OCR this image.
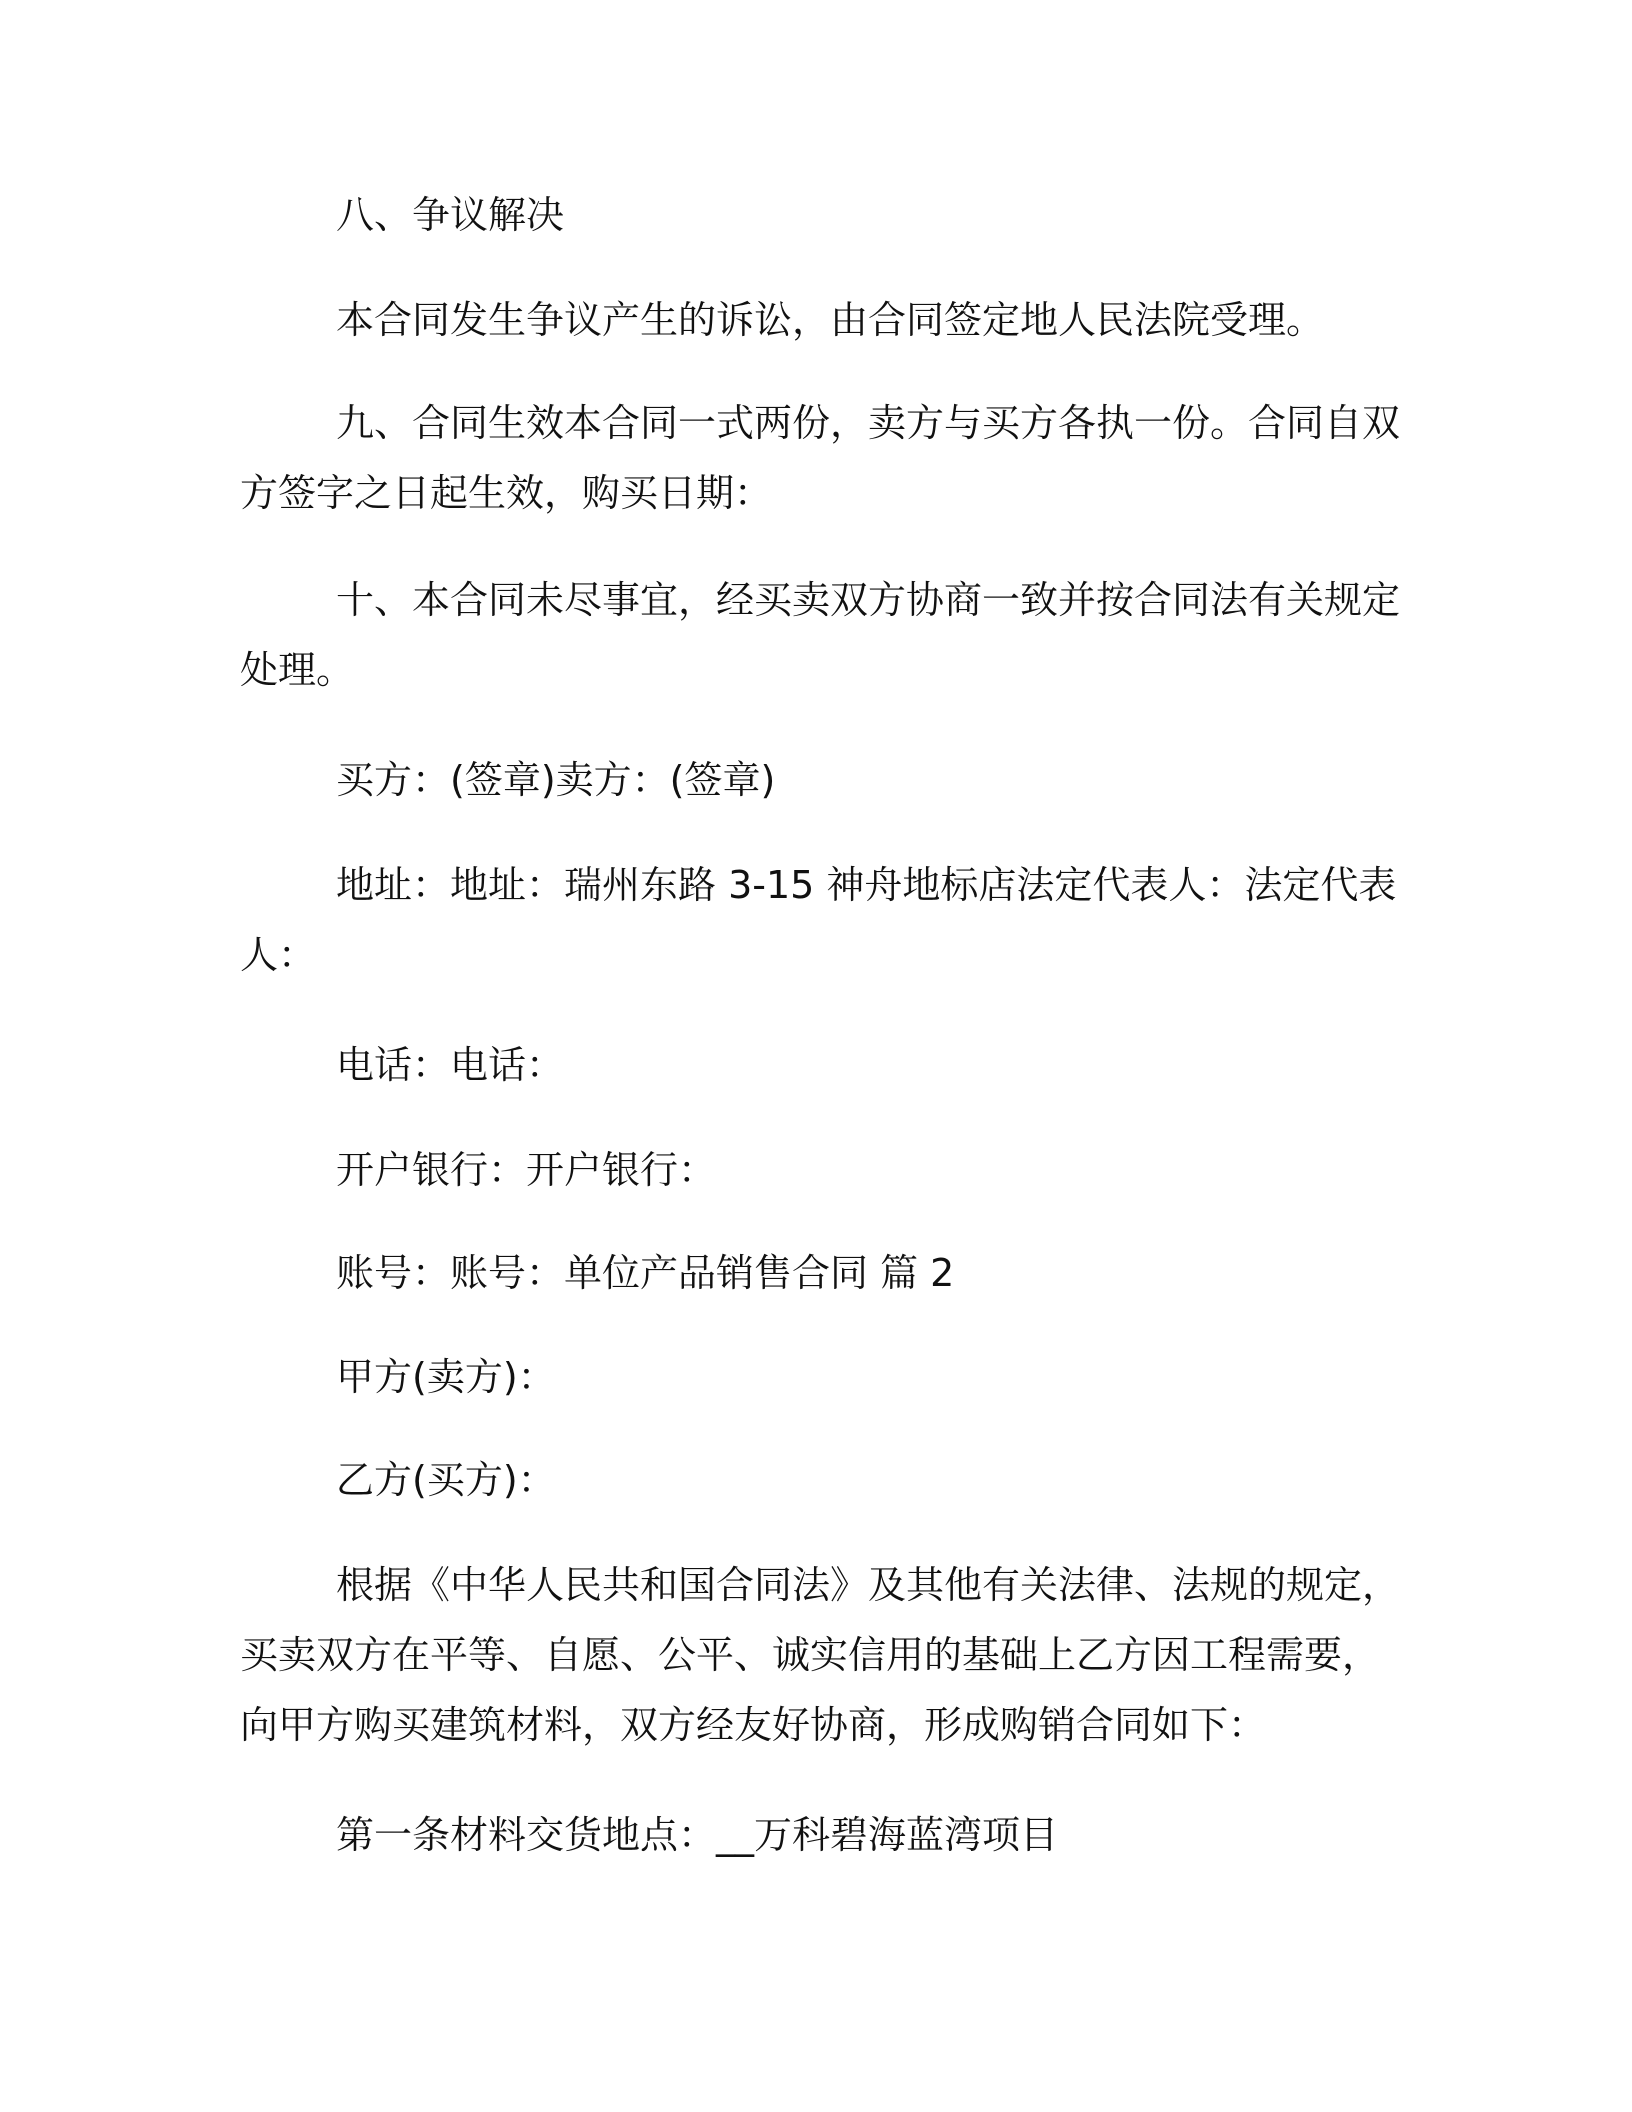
八、争议解决
本合同发生争议产生的诉讼，由合同签定地人民法院受理。
九、合同生效本合同一式两份，卖方与买方各执一份。合同自双
方签字之日起生效，购买日期：
十、本合同未尽事宜，经买卖双方协商一致并按合同法有关规定
处理。
买方：(签章)卖方：(签章)
地址：地址：瑞州东路 3-15 神舟地标店法定代表人：法定代表
人：
电话：电话：
开户银行：开户银行：
账号：账号：单位产品销售合同 篇 2
甲方(卖方)：
乙方(买方)：
根据《中华人民共和国合同法》及其他有关法律、法规的规定，
买卖双方在平等、自愿、公平、诚实信用的基础上乙方因工程需要，
向甲方购买建筑材料，双方经友好协商，形成购销合同如下：
第一条材料交货地点：__万科碧海蓝湾项目
